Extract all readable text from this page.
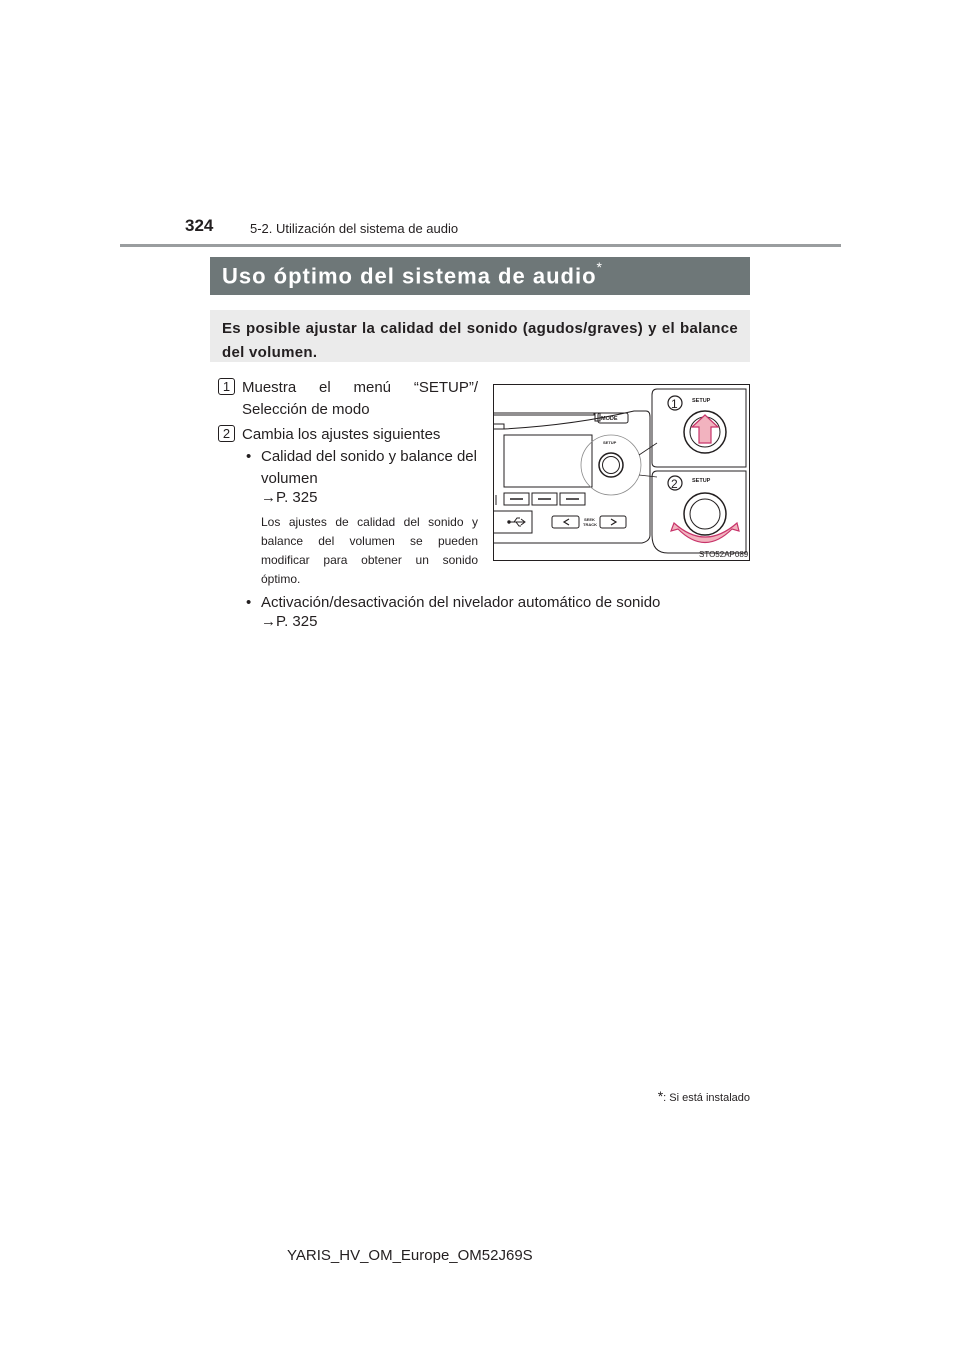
324	5-2. Utilización del sistema de audio
Uso óptimo del sistema de audio*
Es posible ajustar la calidad del sonido (agudos/graves) y el balance del volumen.
1 Muestra el menú “SETUP”/
Selección de modo
2 Cambia los ajustes siguientes
• Calidad del sonido y balance del
volumen
→P. 325
Los ajustes de calidad del sonido y
balance del volumen se pueden
modificar para obtener un sonido
óptimo.
• Activación/desactivación del nivelador automático de sonido
→P. 325
MODE
SETUP
SETUP
SETUP
SEEK
TRACK
1
2
STO52AP089
*: Si está instalado
YARIS_HV_OM_Europe_OM52J69S
